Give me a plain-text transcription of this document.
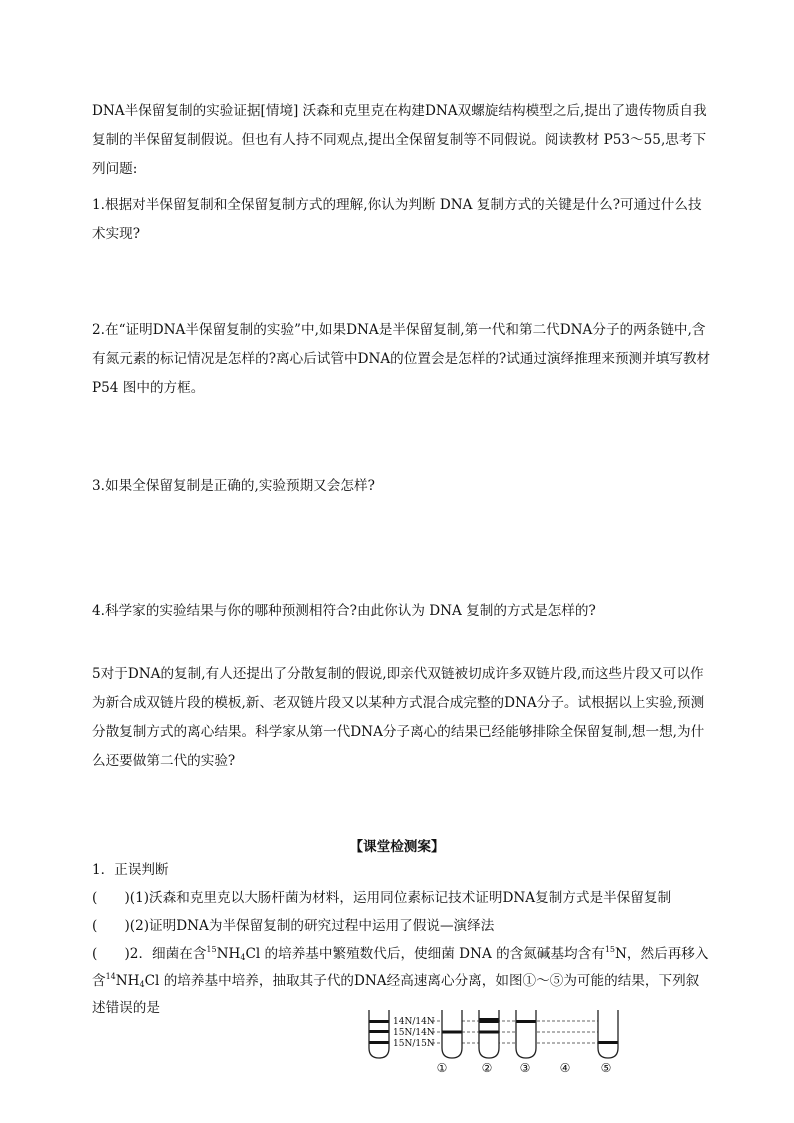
DNA半保留复制的实验证据[情境] 沃森和克里克在构建DNA双螺旋结构模型之后,提出了遗传物质自我复制的半保留复制假说。但也有人持不同观点,提出全保留复制等不同假说。阅读教材 P53～55,思考下列问题:

1.根据对半保留复制和全保留复制方式的理解,你认为判断 DNA 复制方式的关键是什么?可通过什么技术实现?

2.在“证明DNA半保留复制的实验”中,如果DNA是半保留复制,第一代和第二代DNA分子的两条链中,含有氮元素的标记情况是怎样的?离心后试管中DNA的位置会是怎样的?试通过演绎推理来预测并填写教材 P54 图中的方框。

3.如果全保留复制是正确的,实验预期又会怎样?

4.科学家的实验结果与你的哪种预测相符合?由此你认为 DNA 复制的方式是怎样的?

5对于DNA的复制,有人还提出了分散复制的假说,即亲代双链被切成许多双链片段,而这些片段又可以作为新合成双链片段的模板,新、老双链片段又以某种方式混合成完整的DNA分子。试根据以上实验,预测分散复制方式的离心结果。科学家从第一代DNA分子离心的结果已经能够排除全保留复制,想一想,为什么还要做第二代的实验?

【课堂检测案】

1．正误判断

(　　)(1)沃森和克里克以大肠杆菌为材料，运用同位素标记技术证明DNA复制方式是半保留复制

(　　)(2)证明DNA为半保留复制的研究过程中运用了假说—演绎法

(　　)2．细菌在含$^{15}NH_4Cl$ 的培养基中繁殖数代后，使细菌 DNA 的含氮碱基均含有$^{15}$N，然后再移入含$^{14}NH_4Cl$ 的培养基中培养，抽取其子代的DNA经高速离心分离，如图①～⑤为可能的结果，下列叙述错误的是

14N/14N
15N/14N
15N/15N
①	② ③ ④	⑤
